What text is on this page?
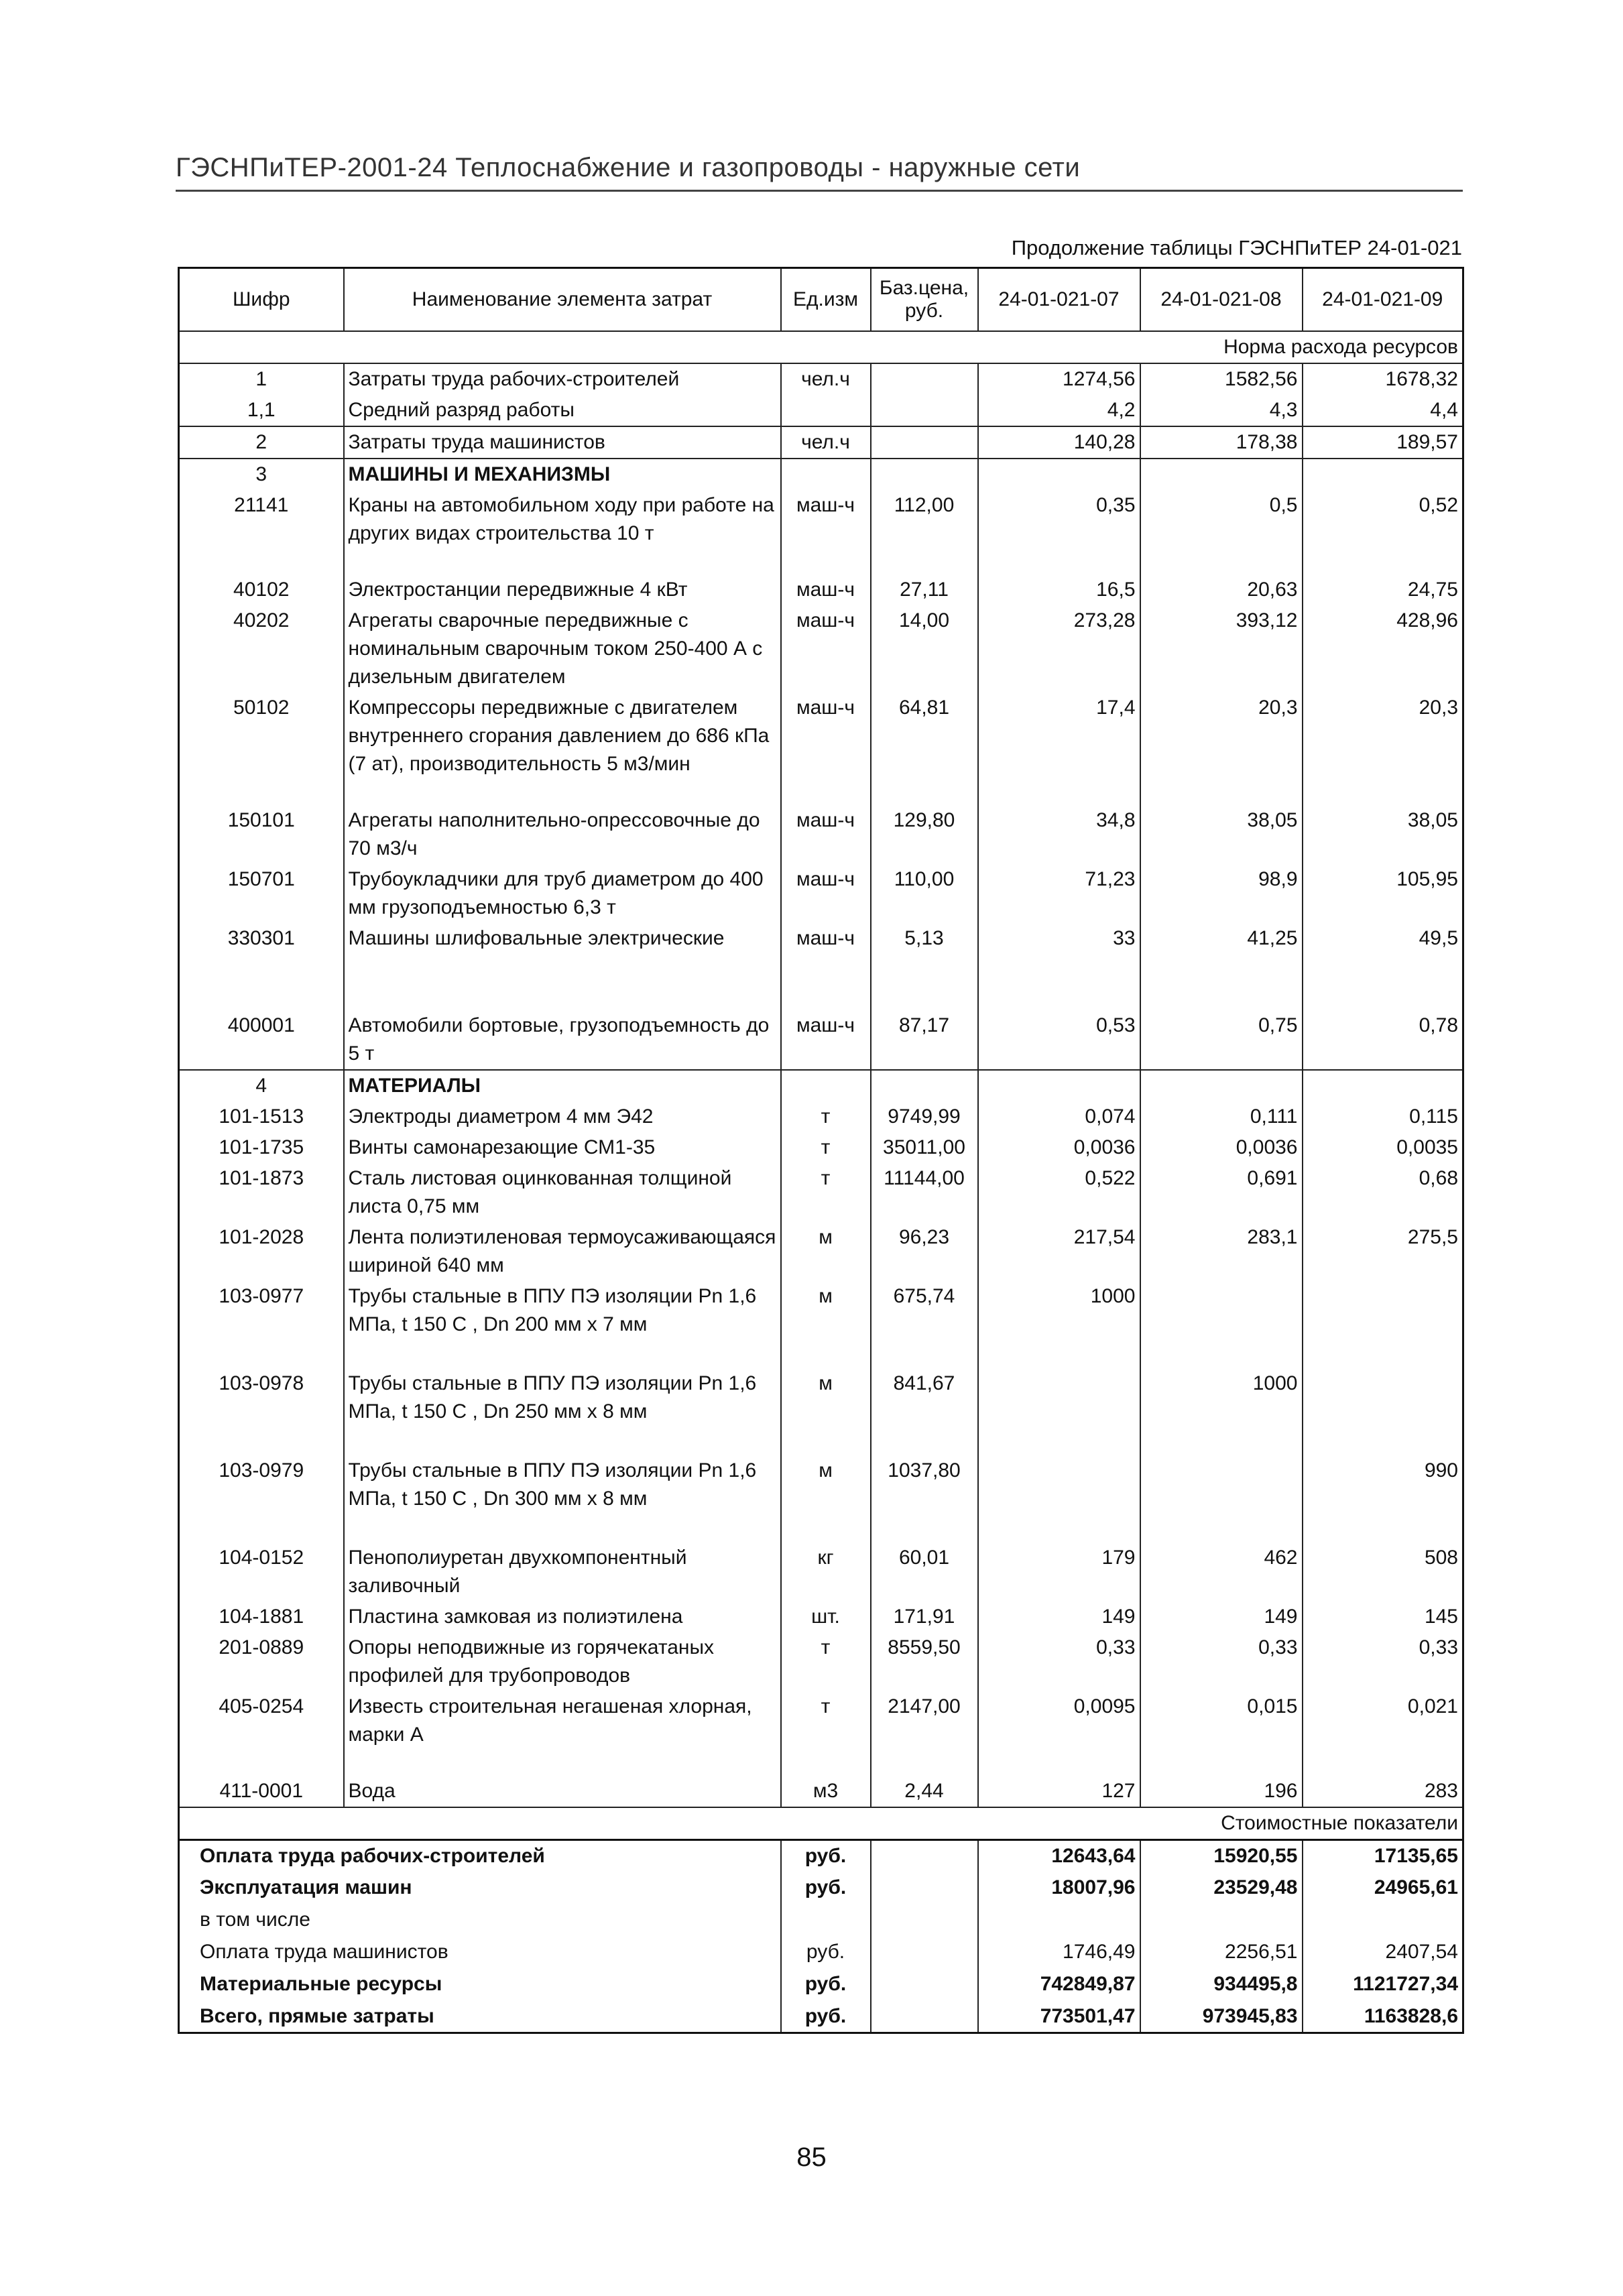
ГЭСНПиТЕР-2001-24 Теплоснабжение и газопроводы - наружные сети
Продолжение таблицы ГЭСНПиТЕР 24-01-021
Шифр	Наименование элемента затрат	Ед.изм	Баз.цена, руб.	24-01-021-07	24-01-021-08	24-01-021-09
Норма расхода ресурсов						
1	Затраты труда рабочих-строителей	чел.ч		1274,56	1582,56	1678,32
1,1	Средний разряд работы			4,2	4,3	4,4
2	Затраты труда машинистов	чел.ч		140,28	178,38	189,57
3	МАШИНЫ И МЕХАНИЗМЫ					
21141	Краны на автомобильном ходу при работе на других видах строительства 10 т	маш-ч	112,00	0,35	0,5	0,52
40102	Электростанции передвижные 4 кВт	маш-ч	27,11	16,5	20,63	24,75
40202	Агрегаты сварочные передвижные с номинальным сварочным током 250-400 А с дизельным двигателем	маш-ч	14,00	273,28	393,12	428,96
50102	Компрессоры передвижные с двигателем внутреннего сгорания давлением до 686 кПа (7 ат), производительность 5 м3/мин	маш-ч	64,81	17,4	20,3	20,3
150101	Агрегаты наполнительно-опрессовочные до 70 м3/ч	маш-ч	129,80	34,8	38,05	38,05
150701	Трубоукладчики для труб диаметром до 400 мм грузоподъемностью 6,3 т	маш-ч	110,00	71,23	98,9	105,95
330301	Машины шлифовальные электрические	маш-ч	5,13	33	41,25	49,5
400001	Автомобили бортовые, грузоподъемность до 5 т	маш-ч	87,17	0,53	0,75	0,78
4	МАТЕРИАЛЫ					
101-1513	Электроды диаметром 4 мм Э42	т	9749,99	0,074	0,111	0,115
101-1735	Винты самонарезающие СМ1-35	т	35011,00	0,0036	0,0036	0,0035
101-1873	Сталь листовая оцинкованная толщиной листа 0,75 мм	т	11144,00	0,522	0,691	0,68
101-2028	Лента полиэтиленовая термоусаживающаяся шириной 640 мм	м	96,23	217,54	283,1	275,5
103-0977	Трубы стальные в ППУ ПЭ изоляции Pn 1,6 МПа, t 150 С , Dn 200 мм х 7 мм	м	675,74	1000		
103-0978	Трубы стальные в ППУ ПЭ изоляции Pn 1,6 МПа, t 150 С , Dn 250 мм х 8 мм	м	841,67		1000	
103-0979	Трубы стальные в ППУ ПЭ изоляции Pn 1,6 МПа, t 150 С , Dn 300 мм х 8 мм	м	1037,80			990
104-0152	Пенополиуретан двухкомпонентный заливочный	кг	60,01	179	462	508
104-1881	Пластина замковая из полиэтилена	шт.	171,91	149	149	145
201-0889	Опоры неподвижные из горячекатаных профилей для трубопроводов	т	8559,50	0,33	0,33	0,33
405-0254	Известь строительная негашеная хлорная, марки А	т	2147,00	0,0095	0,015	0,021
411-0001	Вода	м3	2,44	127	196	283
Стоимостные показатели						
Оплата труда рабочих-строителей		руб.		12643,64	15920,55	17135,65
Эксплуатация машин		руб.		18007,96	23529,48	24965,61
в том числе						
Оплата труда машинистов		руб.		1746,49	2256,51	2407,54
Материальные ресурсы		руб.		742849,87	934495,8	1121727,34
Всего, прямые затраты		руб.		773501,47	973945,83	1163828,6
85
